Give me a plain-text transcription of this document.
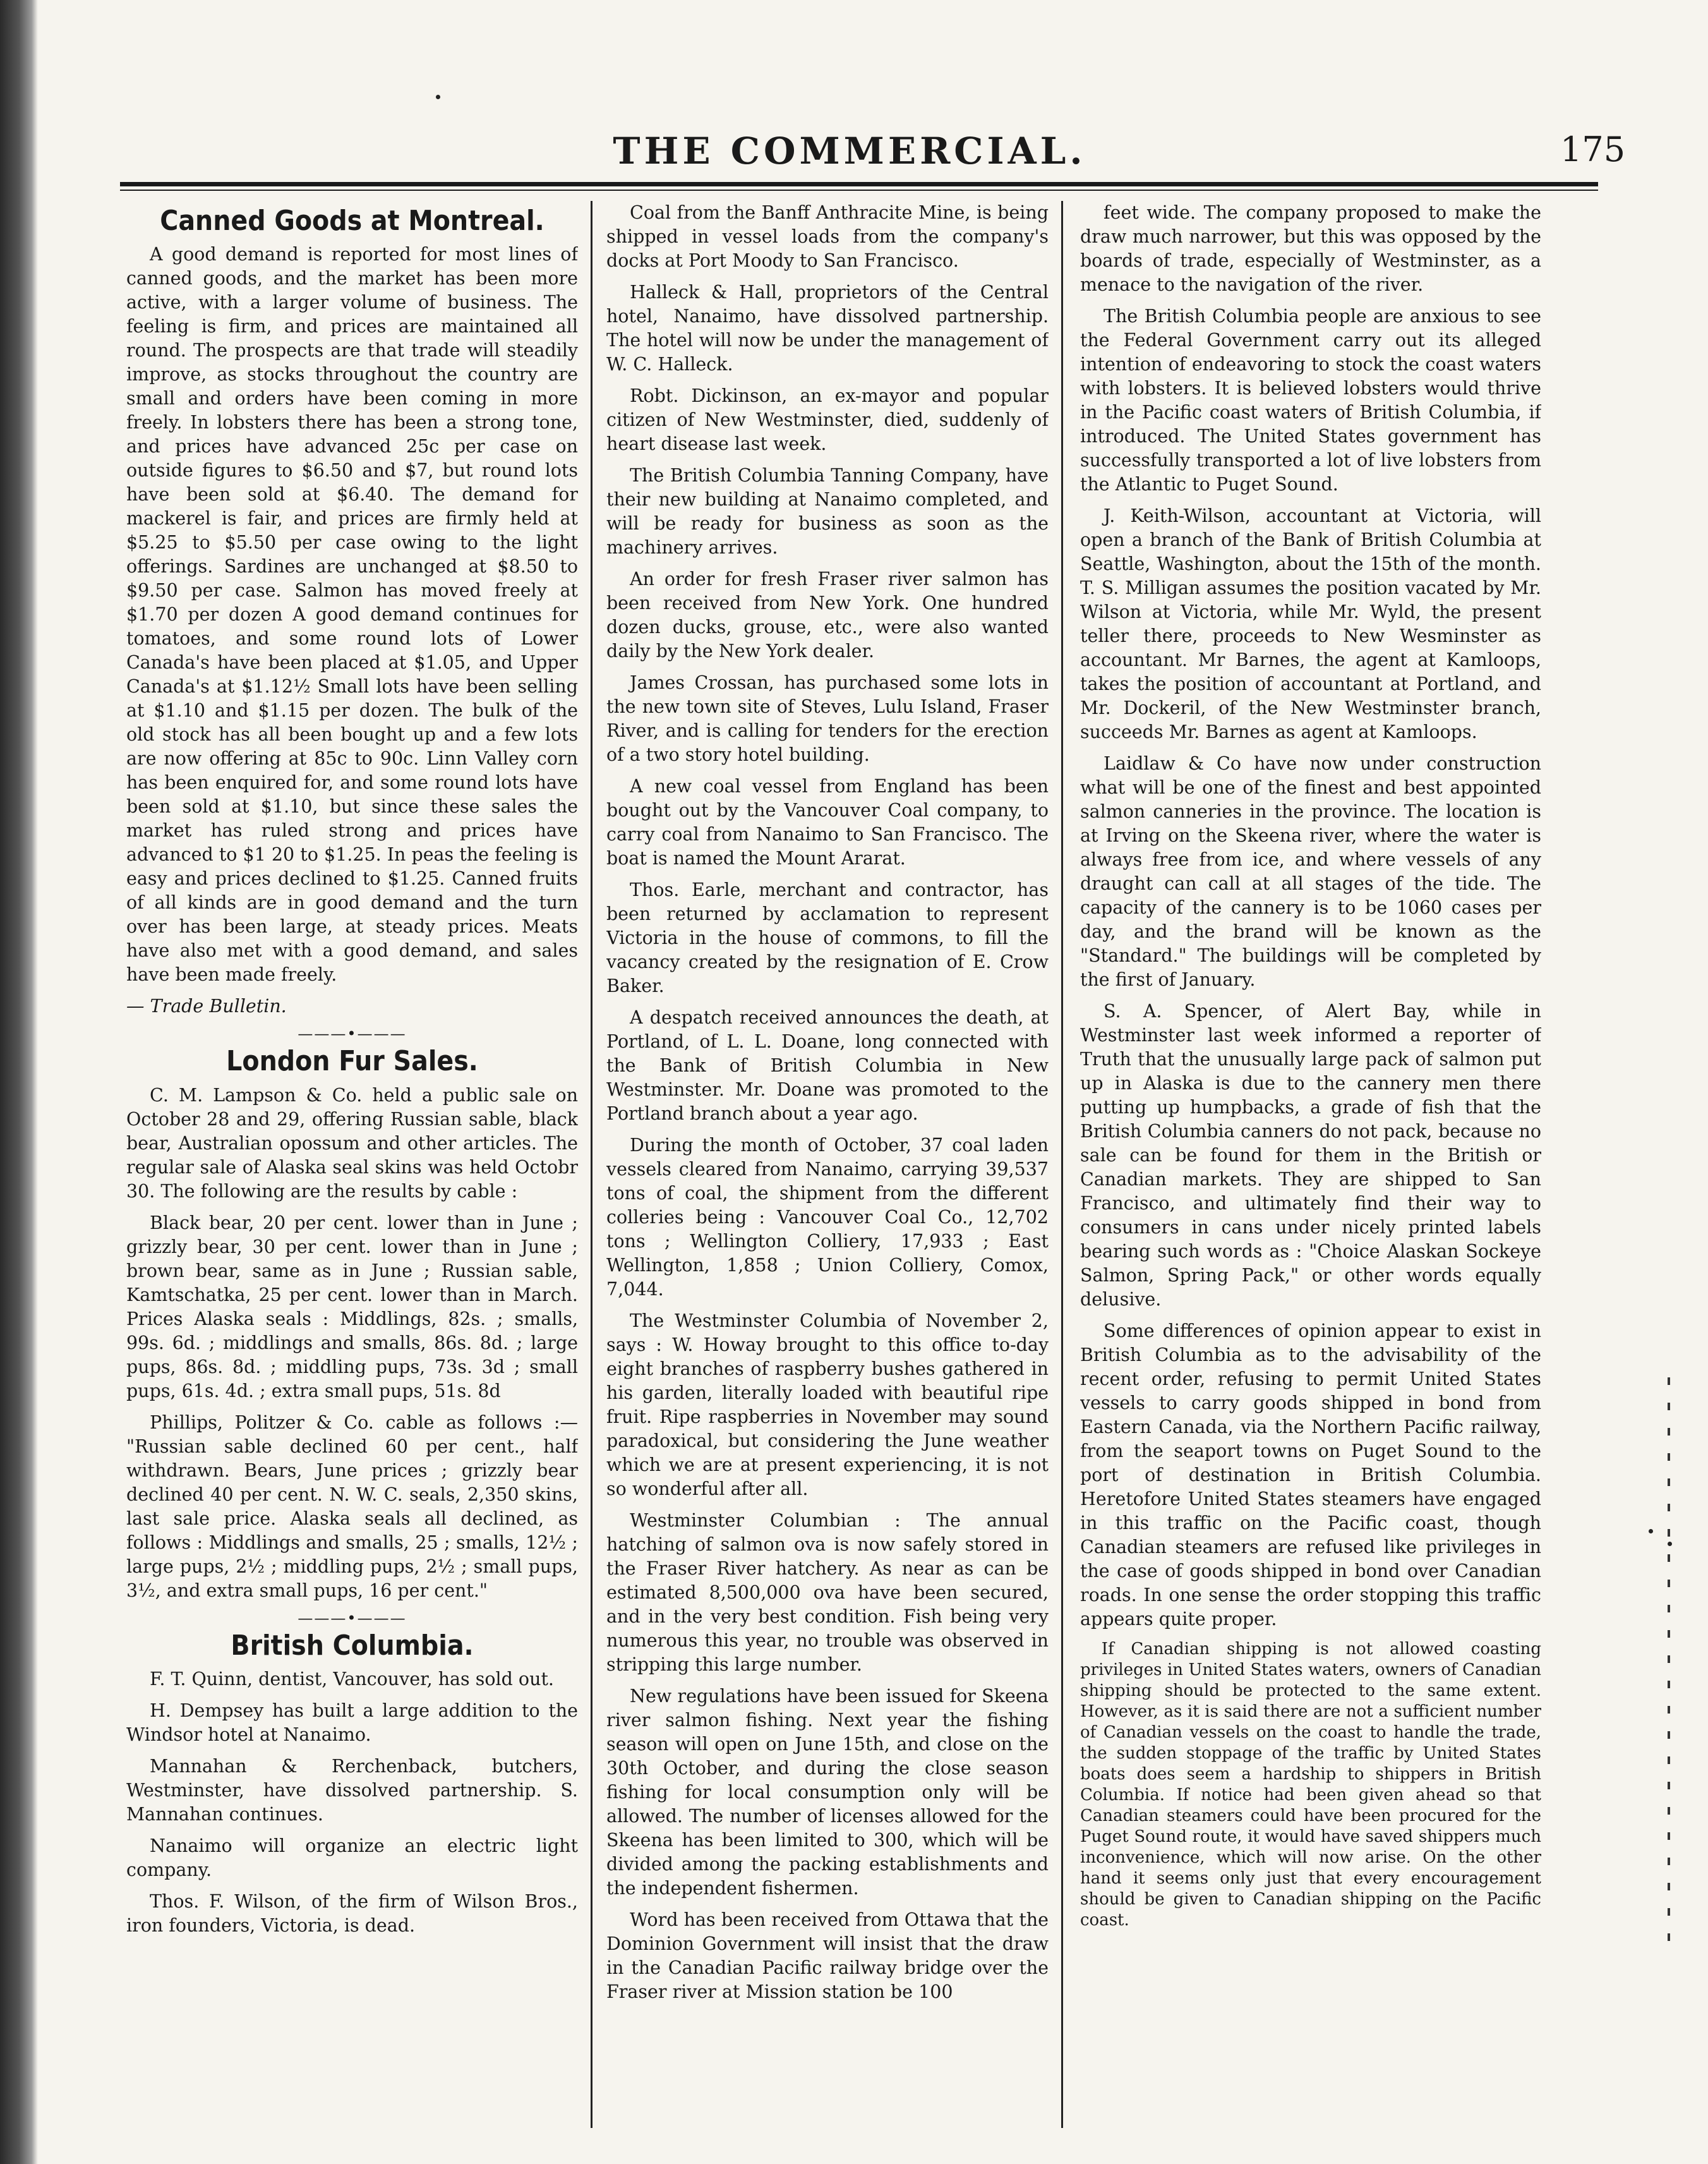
THE COMMERCIAL.	175
Canned Goods at Montreal.

A good demand is reported for most lines of canned goods, and the market has been more active, with a larger volume of business. The feeling is firm, and prices are maintained all round. The prospects are that trade will steadily improve, as stocks throughout the country are small and orders have been coming in more freely. In lobsters there has been a strong tone, and prices have advanced 25c per case on outside figures to $6.50 and $7, but round lots have been sold at $6.40. The demand for mackerel is fair, and prices are firmly held at $5.25 to $5.50 per case owing to the light offerings. Sardines are unchanged at $8.50 to $9.50 per case. Salmon has moved freely at $1.70 per dozen A good demand continues for tomatoes, and some round lots of Lower Canada's have been placed at $1.05, and Upper Canada's at $1.12½ Small lots have been selling at $1.10 and $1.15 per dozen. The bulk of the old stock has all been bought up and a few lots are now offering at 85c to 90c. Linn Valley corn has been enquired for, and some round lots have been sold at $1.10, but since these sales the market has ruled strong and prices have advanced to $1 20 to $1.25. In peas the feeling is easy and prices declined to $1.25. Canned fruits of all kinds are in good demand and the turn over has been large, at steady prices. Meats have also met with a good demand, and sales have been made freely.

— Trade Bulletin.

———•———
London Fur Sales.

C. M. Lampson & Co. held a public sale on October 28 and 29, offering Russian sable, black bear, Australian opossum and other articles. The regular sale of Alaska seal skins was held Octobr 30. The following are the results by cable :

Black bear, 20 per cent. lower than in June ; grizzly bear, 30 per cent. lower than in June ; brown bear, same as in June ; Russian sable, Kamtschatka, 25 per cent. lower than in March. Prices Alaska seals : Middlings, 82s. ; smalls, 99s. 6d. ; middlings and smalls, 86s. 8d. ; large pups, 86s. 8d. ; middling pups, 73s. 3d ; small pups, 61s. 4d. ; extra small pups, 51s. 8d

Phillips, Politzer & Co. cable as follows :— "Russian sable declined 60 per cent., half withdrawn. Bears, June prices ; grizzly bear declined 40 per cent. N. W. C. seals, 2,350 skins, last sale price. Alaska seals all declined, as follows : Middlings and smalls, 25 ; smalls, 12½ ; large pups, 2½ ; middling pups, 2½ ; small pups, 3½, and extra small pups, 16 per cent."

———•———
British Columbia.

F. T. Quinn, dentist, Vancouver, has sold out.

H. Dempsey has built a large addition to the Windsor hotel at Nanaimo.

Mannahan & Rerchenback, butchers, Westminster, have dissolved partnership. S. Mannahan continues.

Nanaimo will organize an electric light company.

Thos. F. Wilson, of the firm of Wilson Bros., iron founders, Victoria, is dead.

Coal from the Banff Anthracite Mine, is being shipped in vessel loads from the company's docks at Port Moody to San Francisco.

Halleck & Hall, proprietors of the Central hotel, Nanaimo, have dissolved partnership. The hotel will now be under the management of W. C. Halleck.

Robt. Dickinson, an ex-mayor and popular citizen of New Westminster, died, suddenly of heart disease last week.

The British Columbia Tanning Company, have their new building at Nanaimo completed, and will be ready for business as soon as the machinery arrives.

An order for fresh Fraser river salmon has been received from New York. One hundred dozen ducks, grouse, etc., were also wanted daily by the New York dealer.

James Crossan, has purchased some lots in the new town site of Steves, Lulu Island, Fraser River, and is calling for tenders for the erection of a two story hotel building.

A new coal vessel from England has been bought out by the Vancouver Coal company, to carry coal from Nanaimo to San Francisco. The boat is named the Mount Ararat.

Thos. Earle, merchant and contractor, has been returned by acclamation to represent Victoria in the house of commons, to fill the vacancy created by the resignation of E. Crow Baker.

A despatch received announces the death, at Portland, of L. L. Doane, long connected with the Bank of British Columbia in New Westminster. Mr. Doane was promoted to the Portland branch about a year ago.

During the month of October, 37 coal laden vessels cleared from Nanaimo, carrying 39,537 tons of coal, the shipment from the different colleries being : Vancouver Coal Co., 12,702 tons ; Wellington Colliery, 17,933 ; East Wellington, 1,858 ; Union Colliery, Comox, 7,044.

The Westminster Columbia of November 2, says : W. Howay brought to this office to-day eight branches of raspberry bushes gathered in his garden, literally loaded with beautiful ripe fruit. Ripe raspberries in November may sound paradoxical, but considering the June weather which we are at present experiencing, it is not so wonderful after all.

Westminster Columbian : The annual hatching of salmon ova is now safely stored in the Fraser River hatchery. As near as can be estimated 8,500,000 ova have been secured, and in the very best condition. Fish being very numerous this year, no trouble was observed in stripping this large number.

New regulations have been issued for Skeena river salmon fishing. Next year the fishing season will open on June 15th, and close on the 30th October, and during the close season fishing for local consumption only will be allowed. The number of licenses allowed for the Skeena has been limited to 300, which will be divided among the packing establishments and the independent fishermen.

Word has been received from Ottawa that the Dominion Government will insist that the draw in the Canadian Pacific railway bridge over the Fraser river at Mission station be 100

feet wide. The company proposed to make the draw much narrower, but this was opposed by the boards of trade, especially of Westminster, as a menace to the navigation of the river.

The British Columbia people are anxious to see the Federal Government carry out its alleged intention of endeavoring to stock the coast waters with lobsters. It is believed lobsters would thrive in the Pacific coast waters of British Columbia, if introduced. The United States government has successfully transported a lot of live lobsters from the Atlantic to Puget Sound.

J. Keith-Wilson, accountant at Victoria, will open a branch of the Bank of British Columbia at Seattle, Washington, about the 15th of the month. T. S. Milligan assumes the position vacated by Mr. Wilson at Victoria, while Mr. Wyld, the present teller there, proceeds to New Wesminster as accountant. Mr Barnes, the agent at Kamloops, takes the position of accountant at Portland, and Mr. Dockeril, of the New Westminster branch, succeeds Mr. Barnes as agent at Kamloops.

Laidlaw & Co have now under construction what will be one of the finest and best appointed salmon canneries in the province. The location is at Irving on the Skeena river, where the water is always free from ice, and where vessels of any draught can call at all stages of the tide. The capacity of the cannery is to be 1060 cases per day, and the brand will be known as the "Standard." The buildings will be completed by the first of January.

S. A. Spencer, of Alert Bay, while in Westminster last week informed a reporter of Truth that the unusually large pack of salmon put up in Alaska is due to the cannery men there putting up humpbacks, a grade of fish that the British Columbia canners do not pack, because no sale can be found for them in the British or Canadian markets. They are shipped to San Francisco, and ultimately find their way to consumers in cans under nicely printed labels bearing such words as : "Choice Alaskan Sockeye Salmon, Spring Pack," or other words equally delusive.

Some differences of opinion appear to exist in British Columbia as to the advisability of the recent order, refusing to permit United States vessels to carry goods shipped in bond from Eastern Canada, via the Northern Pacific railway, from the seaport towns on Puget Sound to the port of destination in British Columbia. Heretofore United States steamers have engaged in this traffic on the Pacific coast, though Canadian steamers are refused like privileges in the case of goods shipped in bond over Canadian roads. In one sense the order stopping this traffic appears quite proper.

If Canadian shipping is not allowed coasting privileges in United States waters, owners of Canadian shipping should be protected to the same extent. However, as it is said there are not a sufficient number of Canadian vessels on the coast to handle the trade, the sudden stoppage of the traffic by United States boats does seem a hardship to shippers in British Columbia. If notice had been given ahead so that Canadian steamers could have been procured for the Puget Sound route, it would have saved shippers much inconvenience, which will now arise. On the other hand it seems only just that every encouragement should be given to Canadian shipping on the Pacific coast.
